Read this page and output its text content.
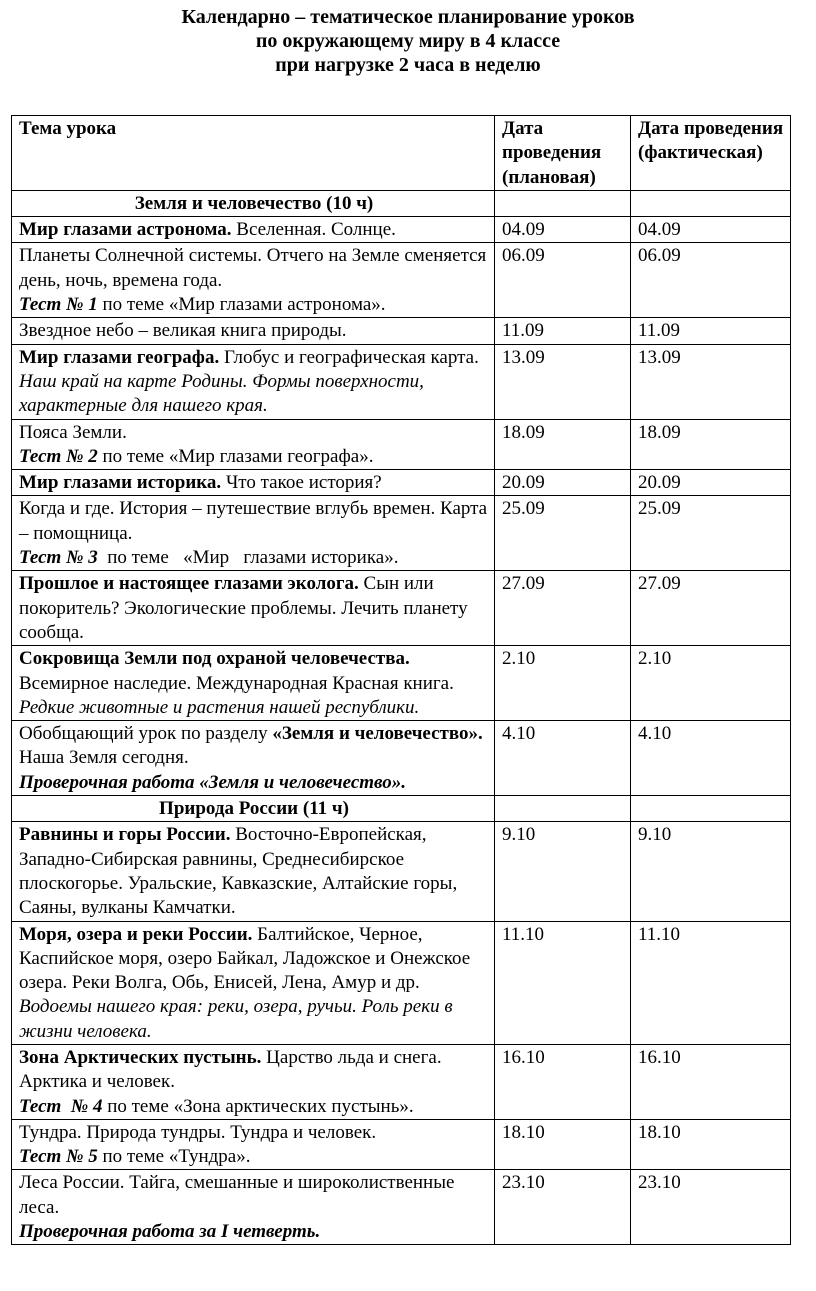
Календарно – тематическое планирование уроков
по окружающему миру в 4 классе
при нагрузке 2 часа в неделю
Тема урока	Дата проведения (плановая)	Дата проведения (фактическая)
Земля и человечество (10 ч)		
Мир глазами астронома. Вселенная. Солнце.	04.09	04.09
Планеты Солнечной системы. Отчего на Земле сменяется день, ночь, времена года.
Тест № 1 по теме «Мир глазами астронома».	06.09	06.09
Звездное небо – великая книга природы.	11.09	11.09
Мир глазами географа. Глобус и географическая карта.
Наш край на карте Родины. Формы поверхности, характерные для нашего края.	13.09	13.09
Пояса Земли.
Тест № 2 по теме «Мир глазами географа».	18.09	18.09
Мир глазами историка. Что такое история?	20.09	20.09
Когда и где. История – путешествие вглубь времен. Карта – помощница.
Тест № 3  по теме   «Мир   глазами историка».	25.09	25.09
Прошлое и настоящее глазами эколога. Сын или покоритель? Экологические проблемы. Лечить планету сообща.	27.09	27.09
Сокровища Земли под охраной человечества. Всемирное наследие. Международная Красная книга.
Редкие животные и растения нашей республики.	2.10	2.10
Обобщающий урок по разделу «Земля и человечество». Наша Земля сегодня.
Проверочная работа «Земля и человечество».	4.10	4.10
Природа России (11 ч)		
Равнины и горы России. Восточно-Европейская, Западно-Сибирская равнины, Среднесибирское плоскогорье. Уральские, Кавказские, Алтайские горы, Саяны, вулканы Камчатки.	9.10	9.10
Моря, озера и реки России. Балтийское, Черное, Каспийское моря, озеро Байкал, Ладожское и Онежское озера. Реки Волга, Обь, Енисей, Лена, Амур и др.
Водоемы нашего края: реки, озера, ручьи. Роль реки в жизни человека.	11.10	11.10
Зона Арктических пустынь. Царство льда и снега. Арктика и человек.
Тест  № 4 по теме «Зона арктических пустынь».	16.10	16.10
Тундра. Природа тундры. Тундра и человек.
Тест № 5 по теме «Тундра».	18.10	18.10
Леса России. Тайга, смешанные и широколиственные леса.
Проверочная работа за I четверть.	23.10	23.10
